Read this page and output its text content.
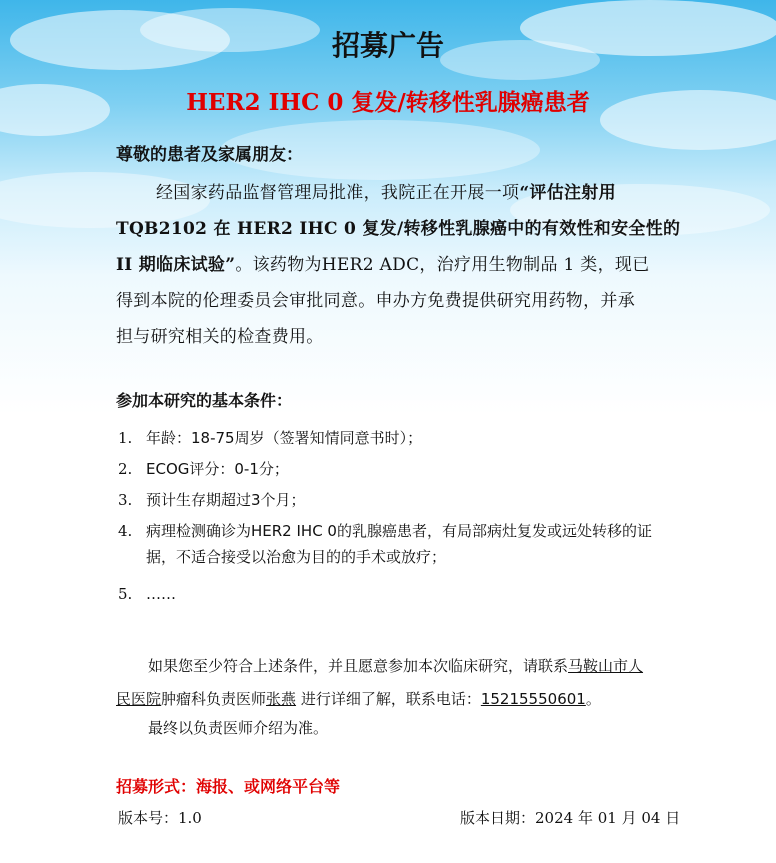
招募广告
HER2 IHC 0 复发/转移性乳腺癌患者
尊敬的患者及家属朋友：
经国家药品监督管理局批准，我院正在开展一项“评估注射用
TQB2102 在 HER2 IHC 0 复发/转移性乳腺癌中的有效性和安全性的
II 期临床试验”。该药物为HER2 ADC，治疗用生物制品 1 类，现已
得到本院的伦理委员会审批同意。申办方免费提供研究用药物，并承
担与研究相关的检查费用。
参加本研究的基本条件：
1. 年龄：18-75周岁（签署知情同意书时）；
2. ECOG评分：0-1分；
3. 预计生存期超过3个月；
4. 病理检测确诊为HER2 IHC 0的乳腺癌患者，有局部病灶复发或远处转移的证
据，不适合接受以治愈为目的的手术或放疗；
5. ……
如果您至少符合上述条件，并且愿意参加本次临床研究，请联系马鞍山市人
民医院肿瘤科负责医师张燕 进行详细了解，联系电话：15215550601。
最终以负责医师介绍为准。
招募形式：海报、或网络平台等
版本号：1.0	版本日期：2024 年 01 月 04 日
